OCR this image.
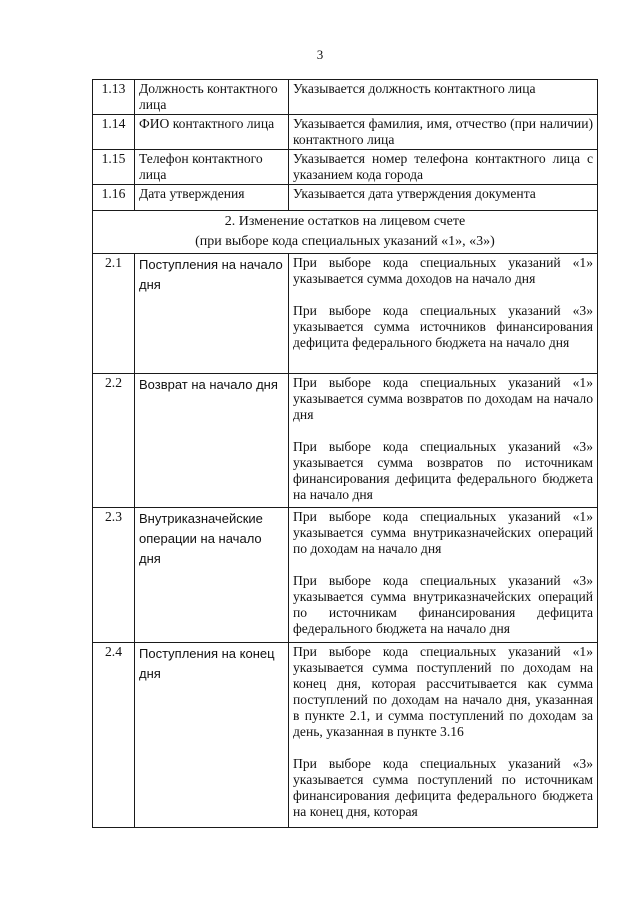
3
1.13	Должность контактного лица	Указывается должность контактного лица
1.14	ФИО контактного лица	Указывается фамилия, имя, отчество (при наличии) контактного лица
1.15	Телефон контактного лица	Указывается номер телефона контактного лица с указанием кода города
1.16	Дата утверждения	Указывается дата утверждения документа

2. Изменение остатков на лицевом счете
(при выборе кода специальных указаний «1», «3»)		

2.1	Поступления на начало дня	При выборе кода специальных указаний «1» указывается сумма доходов на начало дня

При выборе кода специальных указаний «3» указывается сумма источников финансирования дефицита федерального бюджета на начало дня

2.2	Возврат на начало дня	При выборе кода специальных указаний «1» указывается сумма возвратов по доходам на начало дня

При выборе кода специальных указаний «3» указывается сумма возвратов по источникам финансирования дефицита федерального бюджета на начало дня

2.3	Внутриказначейские операции на начало дня	При выборе кода специальных указаний «1» указывается сумма внутриказначейских операций по доходам на начало дня

При выборе кода специальных указаний «3» указывается сумма внутриказначейских операций по источникам финансирования дефицита федерального бюджета на начало дня

2.4	Поступления на конец дня	При выборе кода специальных указаний «1» указывается сумма поступлений по доходам на конец дня, которая рассчитывается как сумма поступлений по доходам на начало дня, указанная в пункте 2.1, и сумма поступлений по доходам за день, указанная в пункте 3.16

При выборе кода специальных указаний «3» указывается сумма поступлений по источникам финансирования дефицита федерального бюджета на конец дня, которая
